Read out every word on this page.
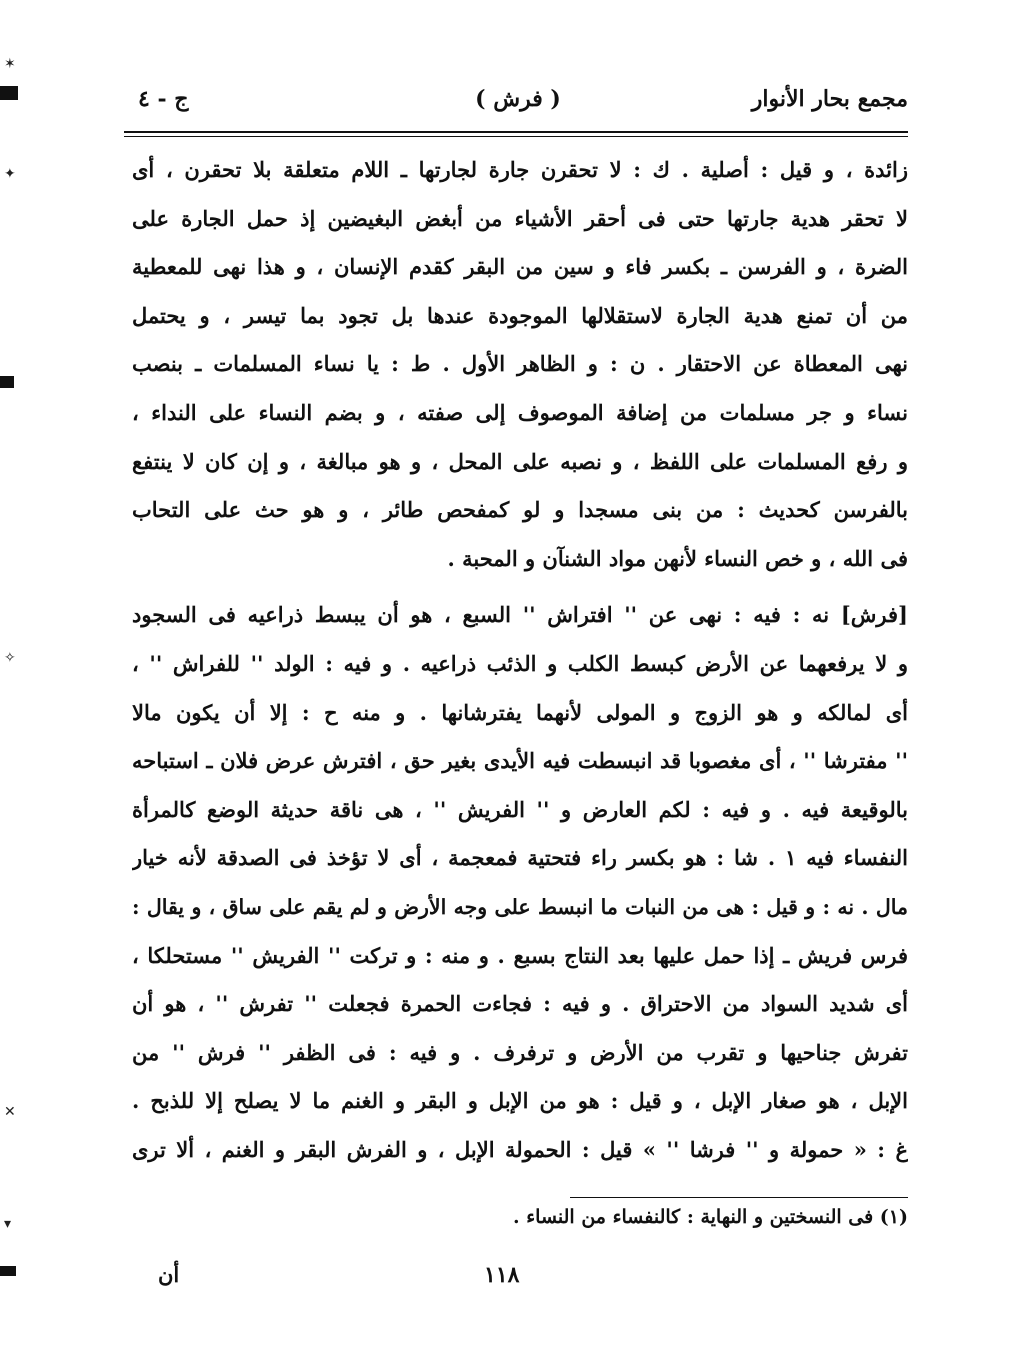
✶
✦
✧
✕
▾
مجمع بحار الأنوار
( فرش )
ج - ٤
زائدة ، و قيل : أصلية . ك : لا تحقرن جارة لجارتها ـ اللام متعلقة بلا تحقرن ، أى
لا تحقر هدية جارتها حتى فى أحقر الأشياء من أبغض البغيضين إذ حمل الجارة على
الضرة ، و الفرسن ـ بكسر فاء و سين من البقر كقدم الإنسان ، و هذا نهى للمعطية
من أن تمنع هدية الجارة لاستقلالها الموجودة عندها بل تجود بما تيسر ، و يحتمل
نهى المعطاة عن الاحتقار . ن : و الظاهر الأول . ط : يا نساء المسلمات ـ بنصب
نساء و جر مسلمات من إضافة الموصوف إلى صفته ، و بضم النساء على النداء ،
و رفع المسلمات على اللفظ ، و نصبه على المحل ، و هو مبالغة ، و إن كان لا ينتفع
بالفرسن كحديث : من بنى مسجدا و لو كمفحص طائر ، و هو حث على التحاب
فى الله ، و خص النساء لأنهن مواد الشنآن و المحبة .
[فرش] نه : فيه : نهى عن '' افتراش '' السبع ، هو أن يبسط ذراعيه فى السجود
و لا يرفعهما عن الأرض كبسط الكلب و الذئب ذراعيه . و فيه : الولد '' للفراش '' ،
أى لمالكه و هو الزوج و المولى لأنهما يفترشانها . و منه ح : إلا أن يكون مالا
'' مفترشا '' ، أى مغصوبا قد انبسطت فيه الأيدى بغير حق ، افترش عرض فلان ـ استباحه
بالوقيعة فيه . و فيه : لكم العارض و '' الفريش '' ، هى ناقة حديثة الوضع كالمرأة
النفساء فيه ١ . شا : هو بكسر راء فتحتية فمعجمة ، أى لا تؤخذ فى الصدقة لأنه خيار
مال . نه : و قيل : هى من النبات ما انبسط على وجه الأرض و لم يقم على ساق ، و يقال :
فرس فريش ـ إذا حمل عليها بعد النتاج بسبع . و منه : و تركت '' الفريش '' مستحلكا ،
أى شديد السواد من الاحتراق . و فيه : فجاءت الحمرة فجعلت '' تفرش '' ، هو أن
تفرش جناحيها و تقرب من الأرض و ترفرف . و فيه : فى الظفر '' فرش '' من
الإبل ، هو صغار الإبل ، و قيل : هو من الإبل و البقر و الغنم ما لا يصلح إلا للذبح .
غ : « حمولة و '' فرشا '' » قيل : الحمولة الإبل ، و الفرش البقر و الغنم ، ألا ترى
(١) فى النسختين و النهاية : كالنفساء من النساء .
١١٨
أن
